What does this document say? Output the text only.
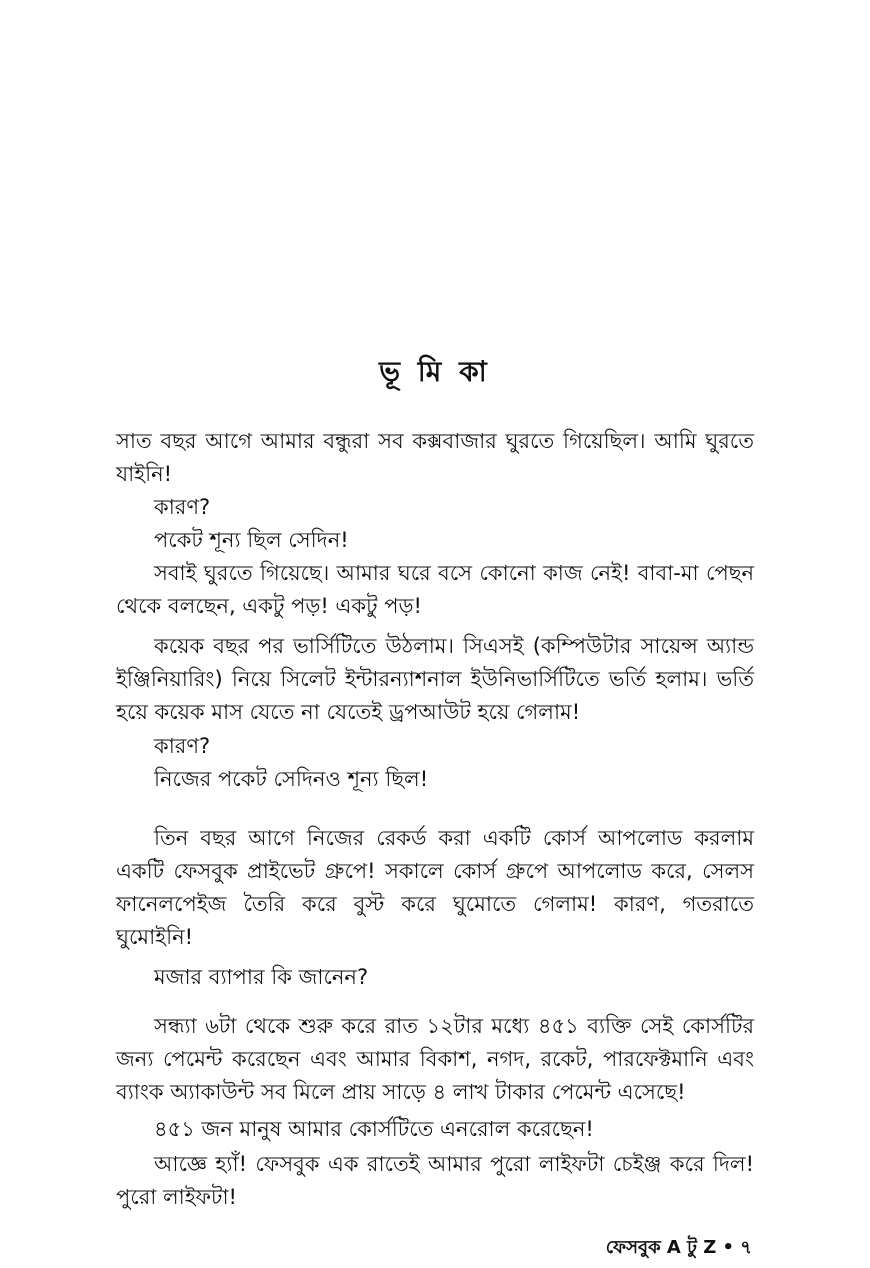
ভূ মি কা

সাত বছর আগে আমার বন্ধুরা সব কক্সবাজার ঘুরতে গিয়েছিল। আমি ঘুরতে যাইনি!

কারণ?

পকেট শূন্য ছিল সেদিন!

সবাই ঘুরতে গিয়েছে। আমার ঘরে বসে কোনো কাজ নেই! বাবা-মা পেছন থেকে বলছেন, একটু পড়! একটু পড়!

কয়েক বছর পর ভার্সিটিতে উঠলাম। সিএসই (কম্পিউটার সায়েন্স অ্যান্ড ইঞ্জিনিয়ারিং) নিয়ে সিলেট ইন্টারন্যাশনাল ইউনিভার্সিটিতে ভর্তি হলাম। ভর্তি হয়ে কয়েক মাস যেতে না যেতেই ড্রপআউট হয়ে গেলাম!

কারণ?

নিজের পকেট সেদিনও শূন্য ছিল!

তিন বছর আগে নিজের রেকর্ড করা একটি কোর্স আপলোড করলাম একটি ফেসবুক প্রাইভেট গ্রুপে! সকালে কোর্স গ্রুপে আপলোড করে, সেলস ফানেলপেইজ তৈরি করে বুস্ট করে ঘুমোতে গেলাম! কারণ, গতরাতে ঘুমোইনি!

মজার ব্যাপার কি জানেন?

সন্ধ্যা ৬টা থেকে শুরু করে রাত ১২টার মধ্যে ৪৫১ ব্যক্তি সেই কোর্সটির জন্য পেমেন্ট করেছেন এবং আমার বিকাশ, নগদ, রকেট, পারফেক্টমানি এবং ব্যাংক অ্যাকাউন্ট সব মিলে প্রায় সাড়ে ৪ লাখ টাকার পেমেন্ট এসেছে!

৪৫১ জন মানুষ আমার কোর্সটিতে এনরোল করেছেন!

আজ্ঞে হ্যাঁ! ফেসবুক এক রাতেই আমার পুরো লাইফটা চেইঞ্জ করে দিল! পুরো লাইফটা!

ফেসবুক A টু Z • ৭
